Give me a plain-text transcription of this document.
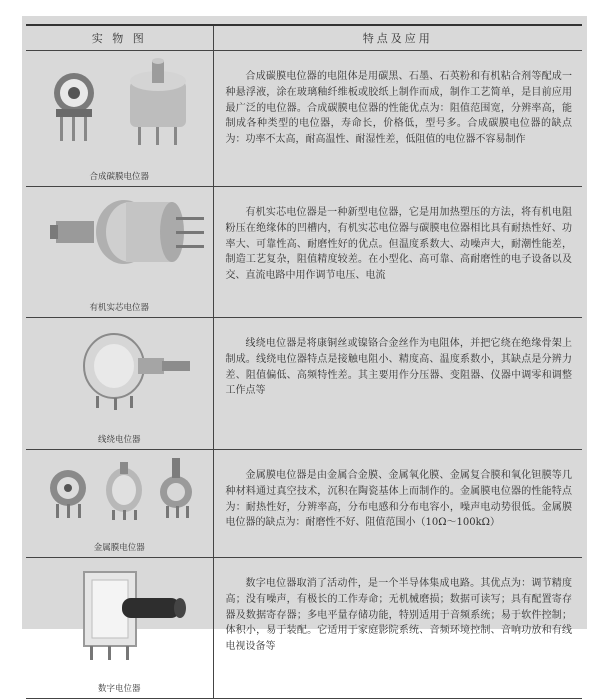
实 物 图	特点及应用

合成碳膜电位器	合成碳膜电位器的电阻体是用碳黑、石墨、石英粉和有机粘合剂等配成一种悬浮液，涂在玻璃釉纤维板或胶纸上制作而成，制作工艺简单，是目前应用最广泛的电位器。合成碳膜电位器的性能优点为：阻值范围宽，分辨率高，能制成各种类型的电位器，寿命长，价格低，型号多。合成碳膜电位器的缺点为：功率不太高，耐高温性、耐湿性差，低阻值的电位器不容易制作

有机实芯电位器	有机实芯电位器是一种新型电位器，它是用加热塑压的方法，将有机电阻粉压在绝缘体的凹槽内，有机实芯电位器与碳膜电位器相比具有耐热性好、功率大、可靠性高、耐磨性好的优点。但温度系数大、动噪声大，耐潮性能差，制造工艺复杂，阻值精度较差。在小型化、高可靠、高耐磨性的电子设备以及交、直流电路中用作调节电压、电流

线绕电位器	线绕电位器是将康铜丝或镍铬合金丝作为电阻体，并把它绕在绝缘骨架上制成。线绕电位器特点是接触电阻小、精度高、温度系数小，其缺点是分辨力差、阻值偏低、高频特性差。其主要用作分压器、变阻器、仪器中调零和调整工作点等

金属膜电位器	金属膜电位器是由金属合金膜、金属氧化膜、金属复合膜和氧化钽膜等几种材料通过真空技术，沉积在陶瓷基体上而制作的。金属膜电位器的性能特点为：耐热性好，分辨率高，分布电感和分布电容小，噪声电动势很低。金属膜电位器的缺点为：耐磨性不好、阻值范围小（10Ω～100kΩ）

数字电位器	数字电位器取消了活动件，是一个半导体集成电路。其优点为：调节精度高；没有噪声，有极长的工作寿命；无机械磨损；数据可读写；具有配置寄存器及数据寄存器；多电平量存储功能，特别适用于音频系统；易于软件控制；体积小，易于装配。它适用于家庭影院系统、音频环境控制、音响功放和有线电视设备等
